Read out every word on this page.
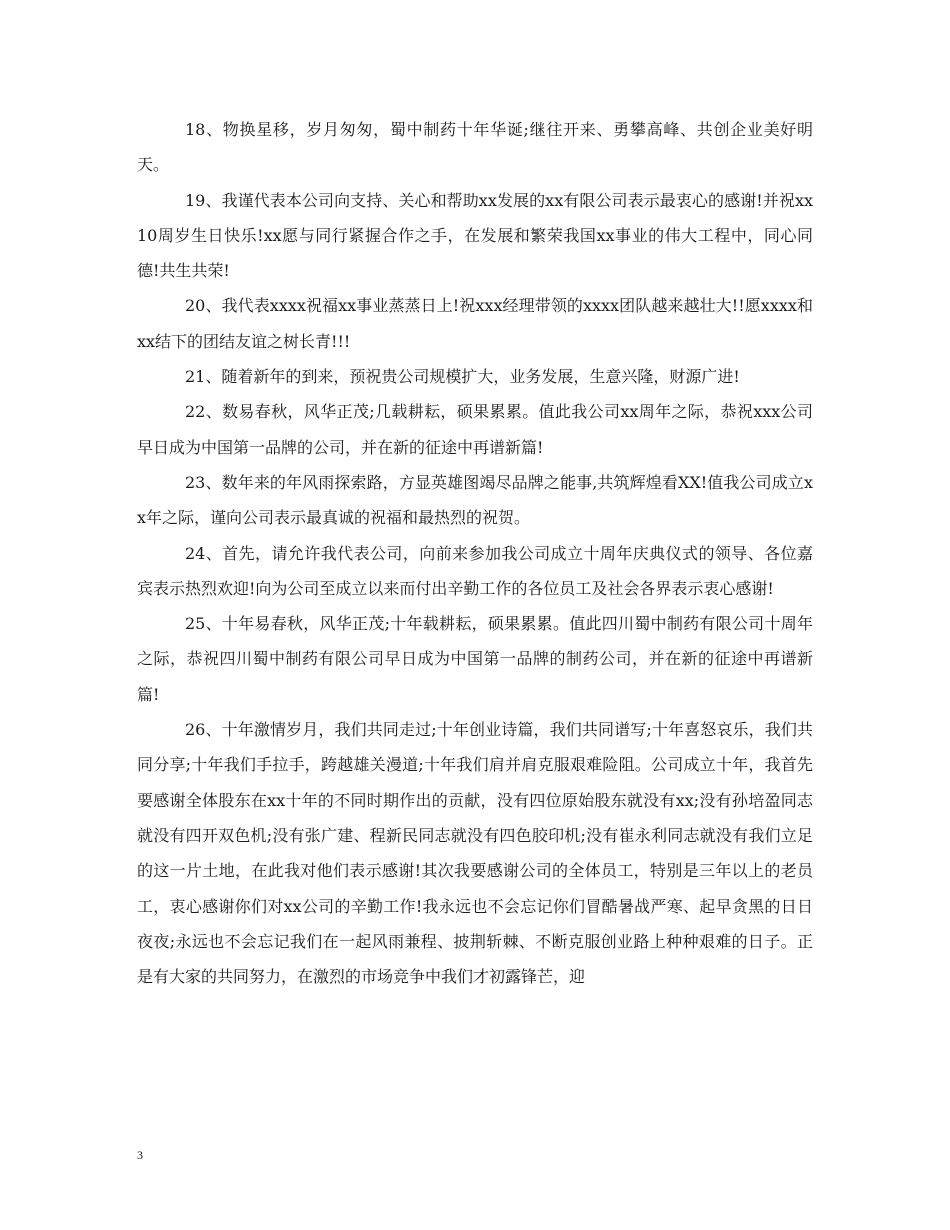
18、物换星移，岁月匆匆，蜀中制药十年华诞;继往开来、勇攀高峰、共创企业美好明天。

19、我谨代表本公司向支持、关心和帮助xx发展的xx有限公司表示最衷心的感谢!并祝xx10周岁生日快乐!xx愿与同行紧握合作之手，在发展和繁荣我国xx事业的伟大工程中，同心同德!共生共荣!

20、我代表xxxx祝福xx事业蒸蒸日上!祝xxx经理带领的xxxx团队越来越壮大!!愿xxxx和xx结下的团结友谊之树长青!!!

21、随着新年的到来，预祝贵公司规模扩大，业务发展，生意兴隆，财源广进!

22、数易春秋，风华正茂;几载耕耘，硕果累累。值此我公司xx周年之际，恭祝xxx公司早日成为中国第一品牌的公司，并在新的征途中再谱新篇!

23、数年来的年风雨探索路，方显英雄图竭尽品牌之能事,共筑辉煌看XX!值我公司成立xx年之际，谨向公司表示最真诚的祝福和最热烈的祝贺。

24、首先，请允许我代表公司，向前来参加我公司成立十周年庆典仪式的领导、各位嘉宾表示热烈欢迎!向为公司至成立以来而付出辛勤工作的各位员工及社会各界表示衷心感谢!

25、十年易春秋，风华正茂;十年载耕耘，硕果累累。值此四川蜀中制药有限公司十周年之际，恭祝四川蜀中制药有限公司早日成为中国第一品牌的制药公司，并在新的征途中再谱新篇!

26、十年激情岁月，我们共同走过;十年创业诗篇，我们共同谱写;十年喜怒哀乐，我们共同分享;十年我们手拉手，跨越雄关漫道;十年我们肩并肩克服艰难险阻。公司成立十年，我首先要感谢全体股东在xx十年的不同时期作出的贡献，没有四位原始股东就没有xx;没有孙培盈同志就没有四开双色机;没有张广建、程新民同志就没有四色胶印机;没有崔永利同志就没有我们立足的这一片土地，在此我对他们表示感谢!其次我要感谢公司的全体员工，特别是三年以上的老员工，衷心感谢你们对xx公司的辛勤工作!我永远也不会忘记你们冒酷暑战严寒、起早贪黑的日日夜夜;永远也不会忘记我们在一起风雨兼程、披荆斩棘、不断克服创业路上种种艰难的日子。正是有大家的共同努力，在激烈的市场竞争中我们才初露锋芒，迎

3
